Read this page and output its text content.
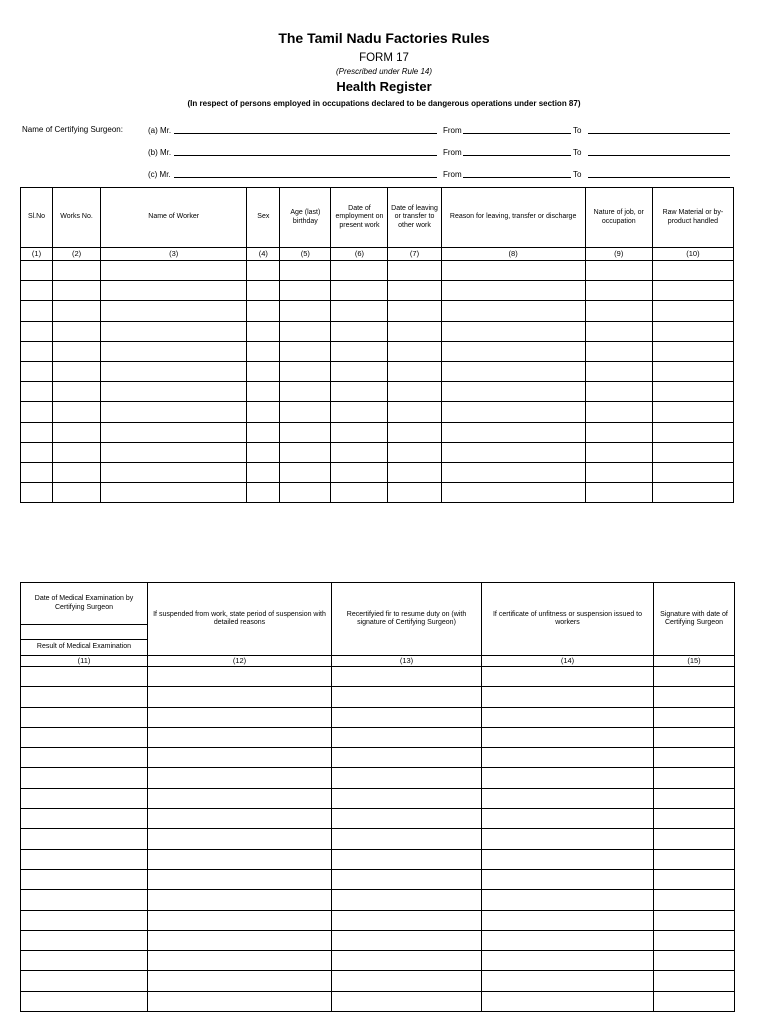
The Tamil Nadu Factories Rules
FORM 17
(Prescribed under Rule 14)
Health Register
(In respect of persons employed in occupations declared to be dangerous operations under section 87)
Name of Certifying Surgeon:	(a) Mr.	From	To
(b) Mr.	From	To
(c) Mr.	From	To
Sl.No	Works No.	Name of Worker	Sex	Age (last) birthday	Date of employment on present work	Date of leaving or transfer to other work	Reason for leaving, transfer or discharge	Nature of job, or occupation	Raw Material or by-product handled
(1)	(2)	(3)	(4)	(5)	(6)	(7)	(8)	(9)	(10)

Date of Medical Examination by Certifying Surgeon	If suspended from work, state period of suspension with detailed reasons	Recertifyied fir to resume duty on (with signature of Certifying Surgeon)	If certificate of unfitness or suspension issued to workers	Signature with date of Certifying Surgeon

Result of Medical Examination				
(11)	(12)	(13)	(14)	(15)
